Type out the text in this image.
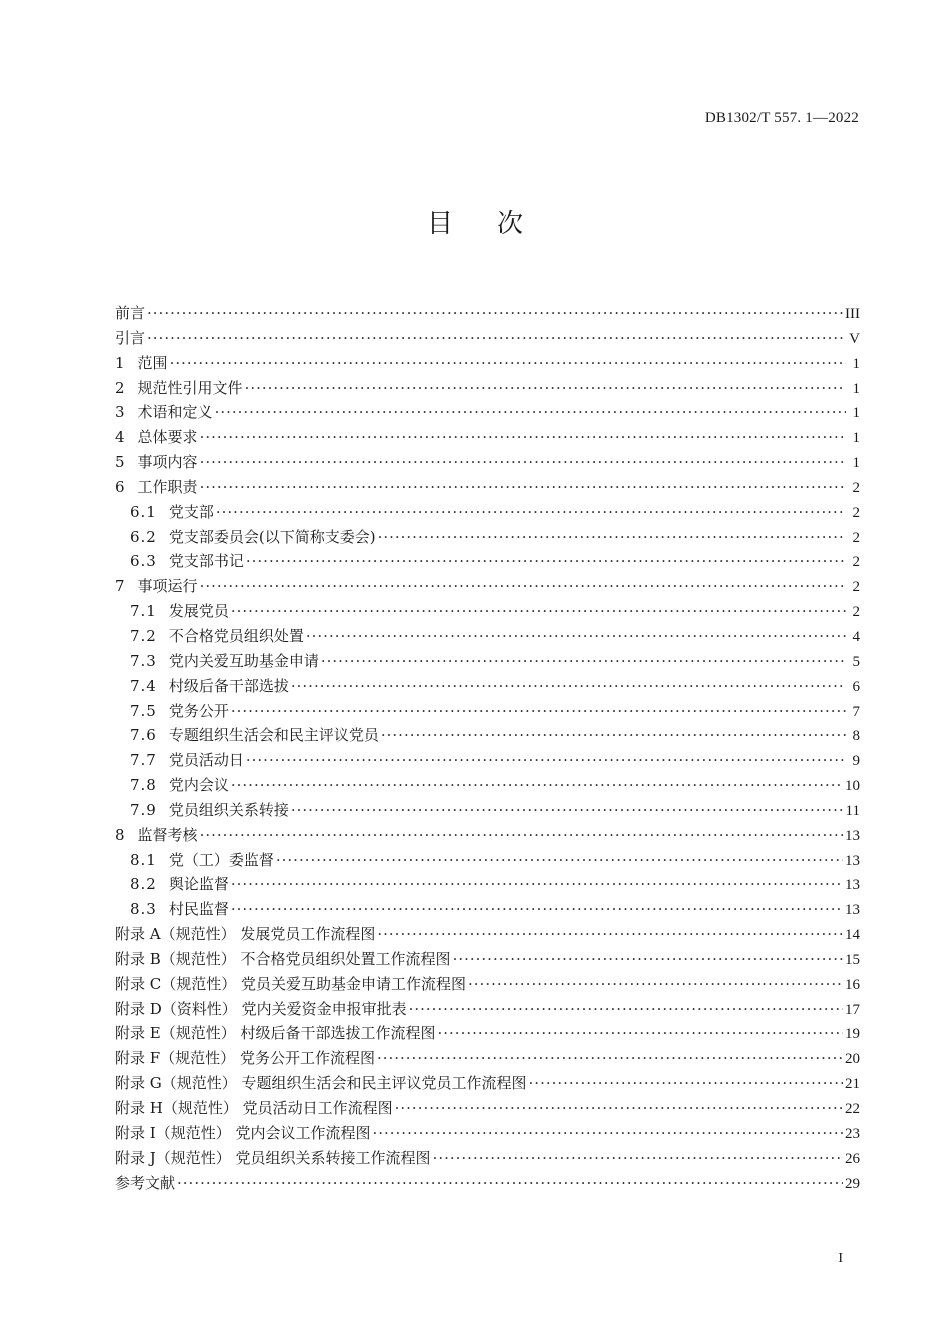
DB1302/T 557. 1—2022
目次
前言 ·····	III
引言 ·····	V
1 范围 ·····	1
2 规范性引用文件 ·····	1
3 术语和定义 ·····	1
4 总体要求 ·····	1
5 事项内容 ·····	1
6 工作职责 ·····	2
6.1 党支部 ·····	2
6.2 党支部委员会(以下简称支委会) ·····	2
6.3 党支部书记 ·····	2
7 事项运行 ·····	2
7.1 发展党员 ·····	2
7.2 不合格党员组织处置 ·····	4
7.3 党内关爱互助基金申请 ·····	5
7.4 村级后备干部选拔 ·····	6
7.5 党务公开 ·····	7
7.6 专题组织生活会和民主评议党员 ·····	8
7.7 党员活动日 ·····	9
7.8 党内会议 ·····	10
7.9 党员组织关系转接 ·····	11
8 监督考核 ·····	13
8.1 党（工）委监督 ·····	13
8.2 舆论监督 ·····	13
8.3 村民监督 ·····	13
附录 A（规范性） 发展党员工作流程图 ·····	14
附录 B（规范性） 不合格党员组织处置工作流程图 ·····	15
附录 C（规范性） 党员关爱互助基金申请工作流程图 ·····	16
附录 D（资料性） 党内关爱资金申报审批表 ·····	17
附录 E（规范性） 村级后备干部选拔工作流程图 ·····	19
附录 F（规范性） 党务公开工作流程图 ·····	20
附录 G（规范性） 专题组织生活会和民主评议党员工作流程图 ·····	21
附录 H（规范性） 党员活动日工作流程图 ·····	22
附录 I（规范性） 党内会议工作流程图 ·····	23
附录 J（规范性） 党员组织关系转接工作流程图 ·····	26
参考文献 ·····	29
I
